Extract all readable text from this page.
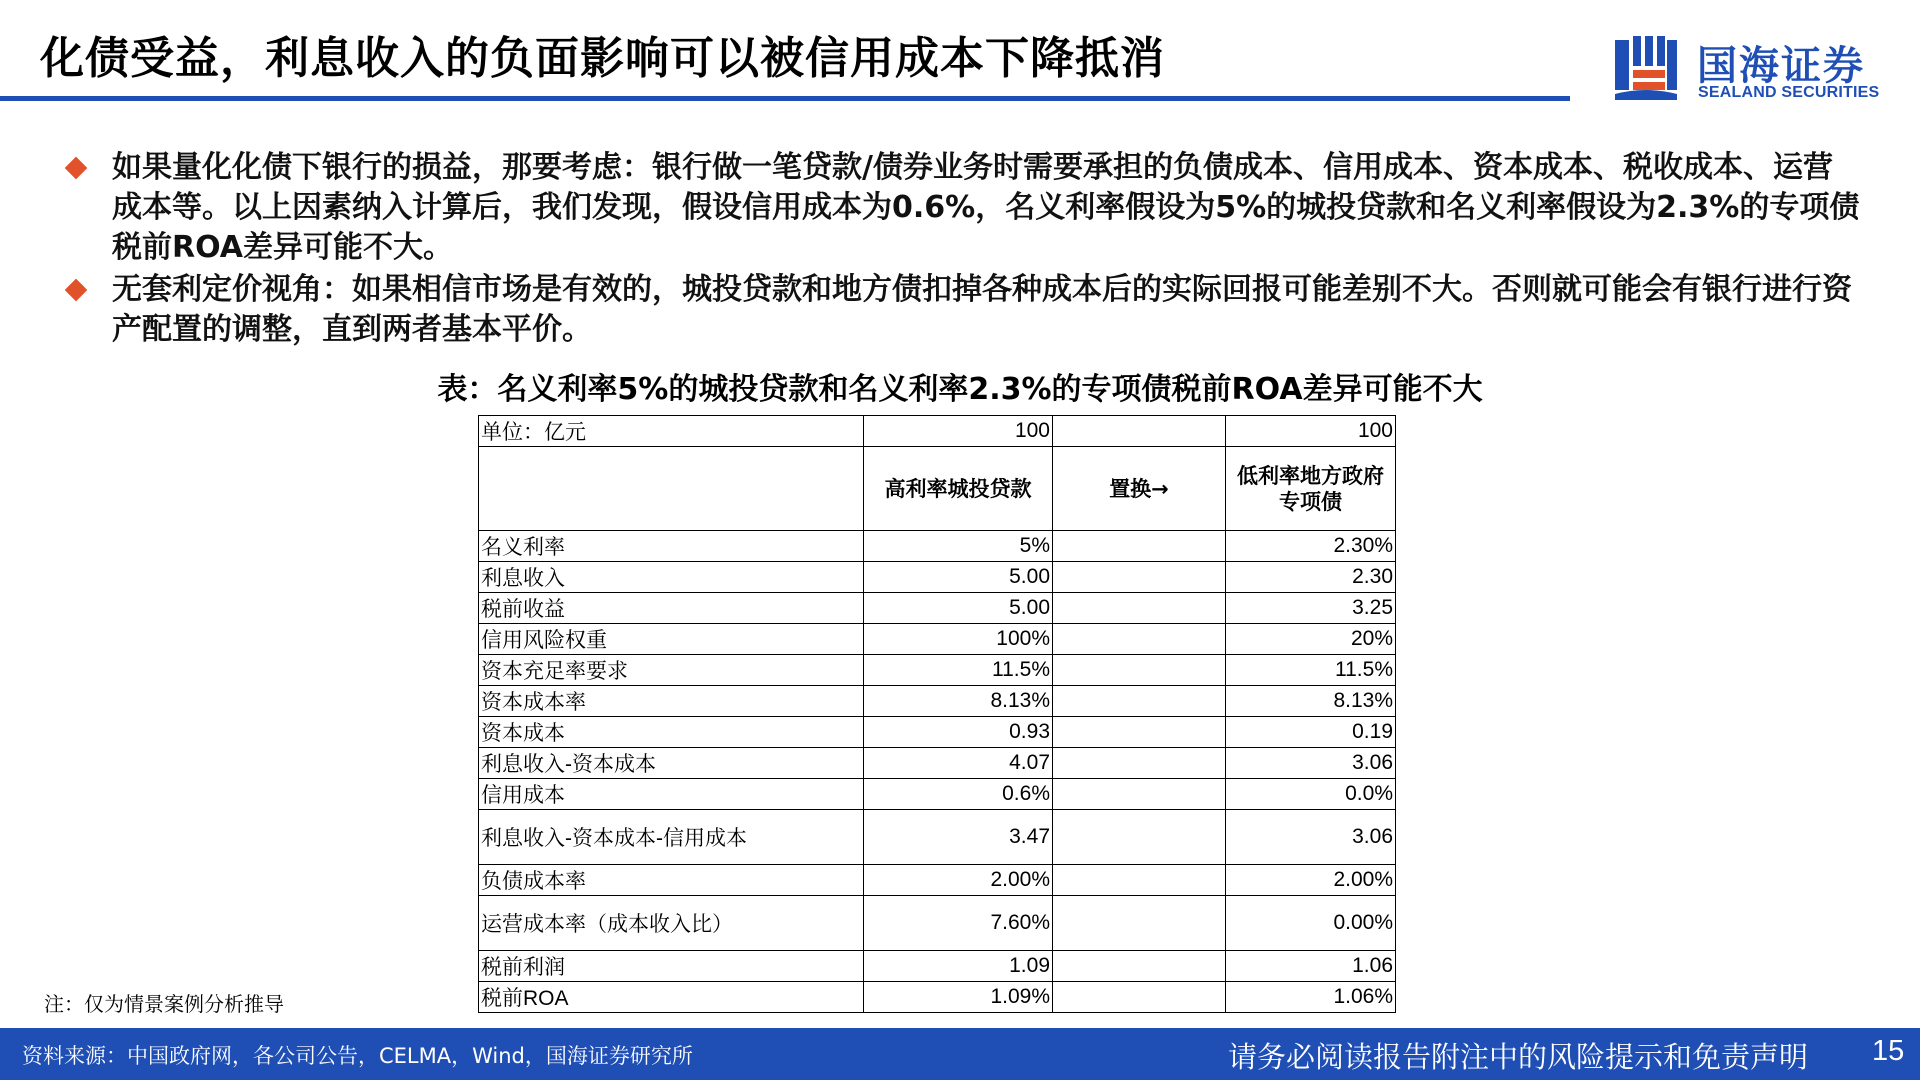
化债受益，利息收入的负面影响可以被信用成本下降抵消	国海证券
SEALAND SECURITIES
如果量化化债下银行的损益，那要考虑：银行做一笔贷款/债券业务时需要承担的负债成本、信用成本、资本成本、税收成本、运营成本等。以上因素纳入计算后，我们发现，假设信用成本为0.6%，名义利率假设为5%的城投贷款和名义利率假设为2.3%的专项债税前ROA差异可能不大。
无套利定价视角：如果相信市场是有效的，城投贷款和地方债扣掉各种成本后的实际回报可能差别不大。否则就可能会有银行进行资产配置的调整，直到两者基本平价。
表：名义利率5%的城投贷款和名义利率2.3%的专项债税前ROA差异可能不大
单位：亿元	100		100
	高利率城投贷款	置换→	低利率地方政府
专项债
名义利率	5%		2.30%
利息收入	5.00		2.30
税前收益	5.00		3.25
信用风险权重	100%		20%
资本充足率要求	11.5%		11.5%
资本成本率	8.13%		8.13%
资本成本	0.93		0.19
利息收入-资本成本	4.07		3.06
信用成本	0.6%		0.0%
利息收入-资本成本-信用成本	3.47		3.06
负债成本率	2.00%		2.00%
运营成本率（成本收入比）	7.60%		0.00%
税前利润	1.09		1.06
税前ROA	1.09%		1.06%
注：仅为情景案例分析推导
资料来源：中国政府网，各公司公告，CELMA，Wind，国海证券研究所	请务必阅读报告附注中的风险提示和免责声明 15
